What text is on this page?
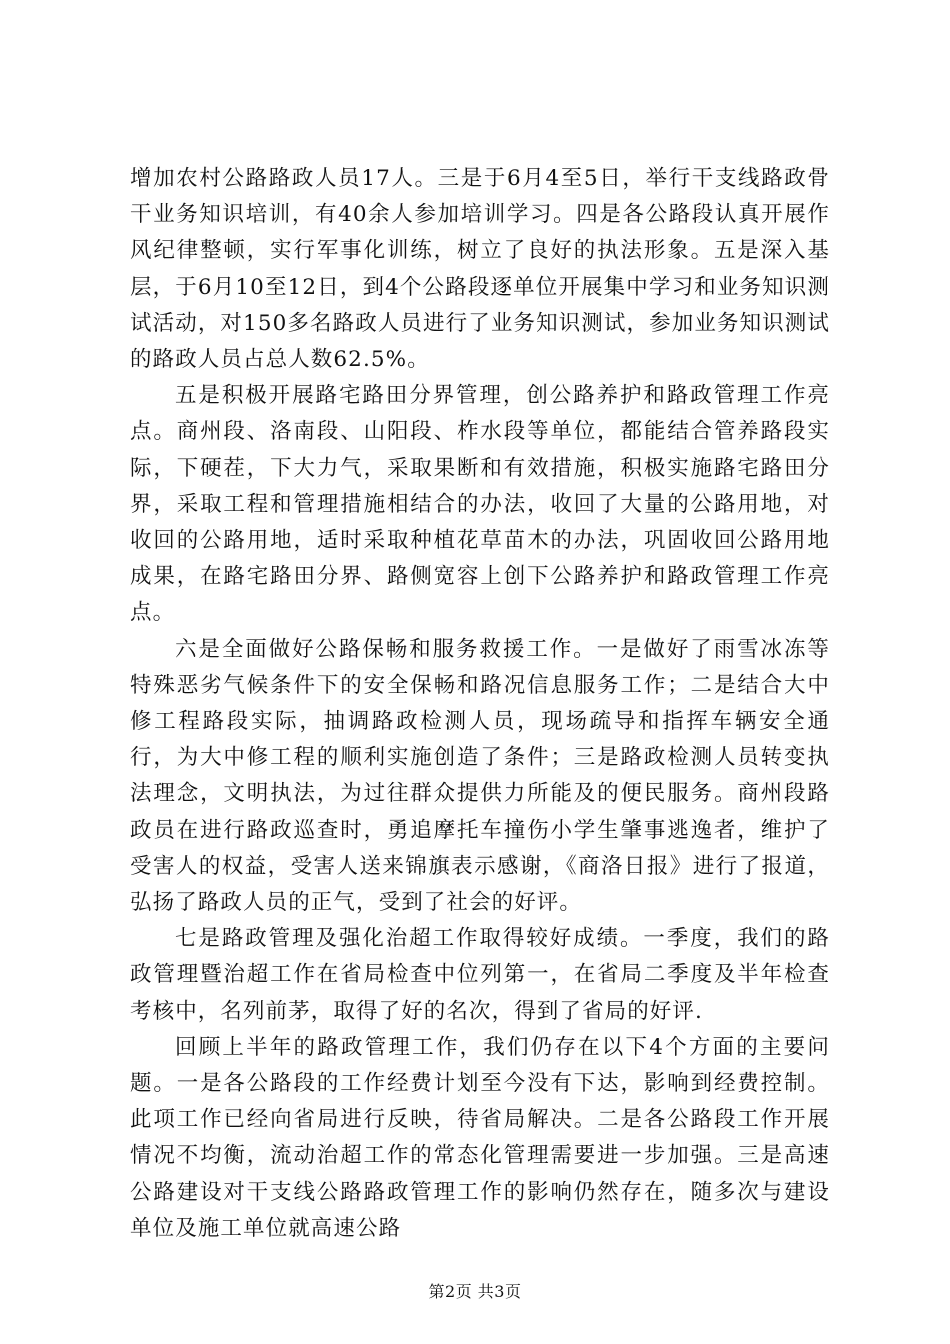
增加农村公路路政人员17人。三是于6月4至5日，举行干支线路政骨干业务知识培训，有40余人参加培训学习。四是各公路段认真开展作风纪律整顿，实行军事化训练，树立了良好的执法形象。五是深入基层，于6月10至12日，到4个公路段逐单位开展集中学习和业务知识测试活动，对150多名路政人员进行了业务知识测试，参加业务知识测试的路政人员占总人数62.5%。

五是积极开展路宅路田分界管理，创公路养护和路政管理工作亮点。商州段、洛南段、山阳段、柞水段等单位，都能结合管养路段实际，下硬茬，下大力气，采取果断和有效措施，积极实施路宅路田分界，采取工程和管理措施相结合的办法，收回了大量的公路用地，对收回的公路用地，适时采取种植花草苗木的办法，巩固收回公路用地成果，在路宅路田分界、路侧宽容上创下公路养护和路政管理工作亮点。

六是全面做好公路保畅和服务救援工作。一是做好了雨雪冰冻等特殊恶劣气候条件下的安全保畅和路况信息服务工作；二是结合大中修工程路段实际，抽调路政检测人员，现场疏导和指挥车辆安全通行，为大中修工程的顺利实施创造了条件；三是路政检测人员转变执法理念，文明执法，为过往群众提供力所能及的便民服务。商州段路政员在进行路政巡查时，勇追摩托车撞伤小学生肇事逃逸者，维护了受害人的权益，受害人送来锦旗表示感谢，《商洛日报》进行了报道，弘扬了路政人员的正气，受到了社会的好评。

七是路政管理及强化治超工作取得较好成绩。一季度，我们的路政管理暨治超工作在省局检查中位列第一，在省局二季度及半年检查考核中，名列前茅，取得了好的名次，得到了省局的好评.

回顾上半年的路政管理工作，我们仍存在以下4个方面的主要问题。一是各公路段的工作经费计划至今没有下达，影响到经费控制。此项工作已经向省局进行反映，待省局解决。二是各公路段工作开展情况不均衡，流动治超工作的常态化管理需要进一步加强。三是高速公路建设对干支线公路路政管理工作的影响仍然存在，随多次与建设单位及施工单位就高速公路

第2页 共3页
